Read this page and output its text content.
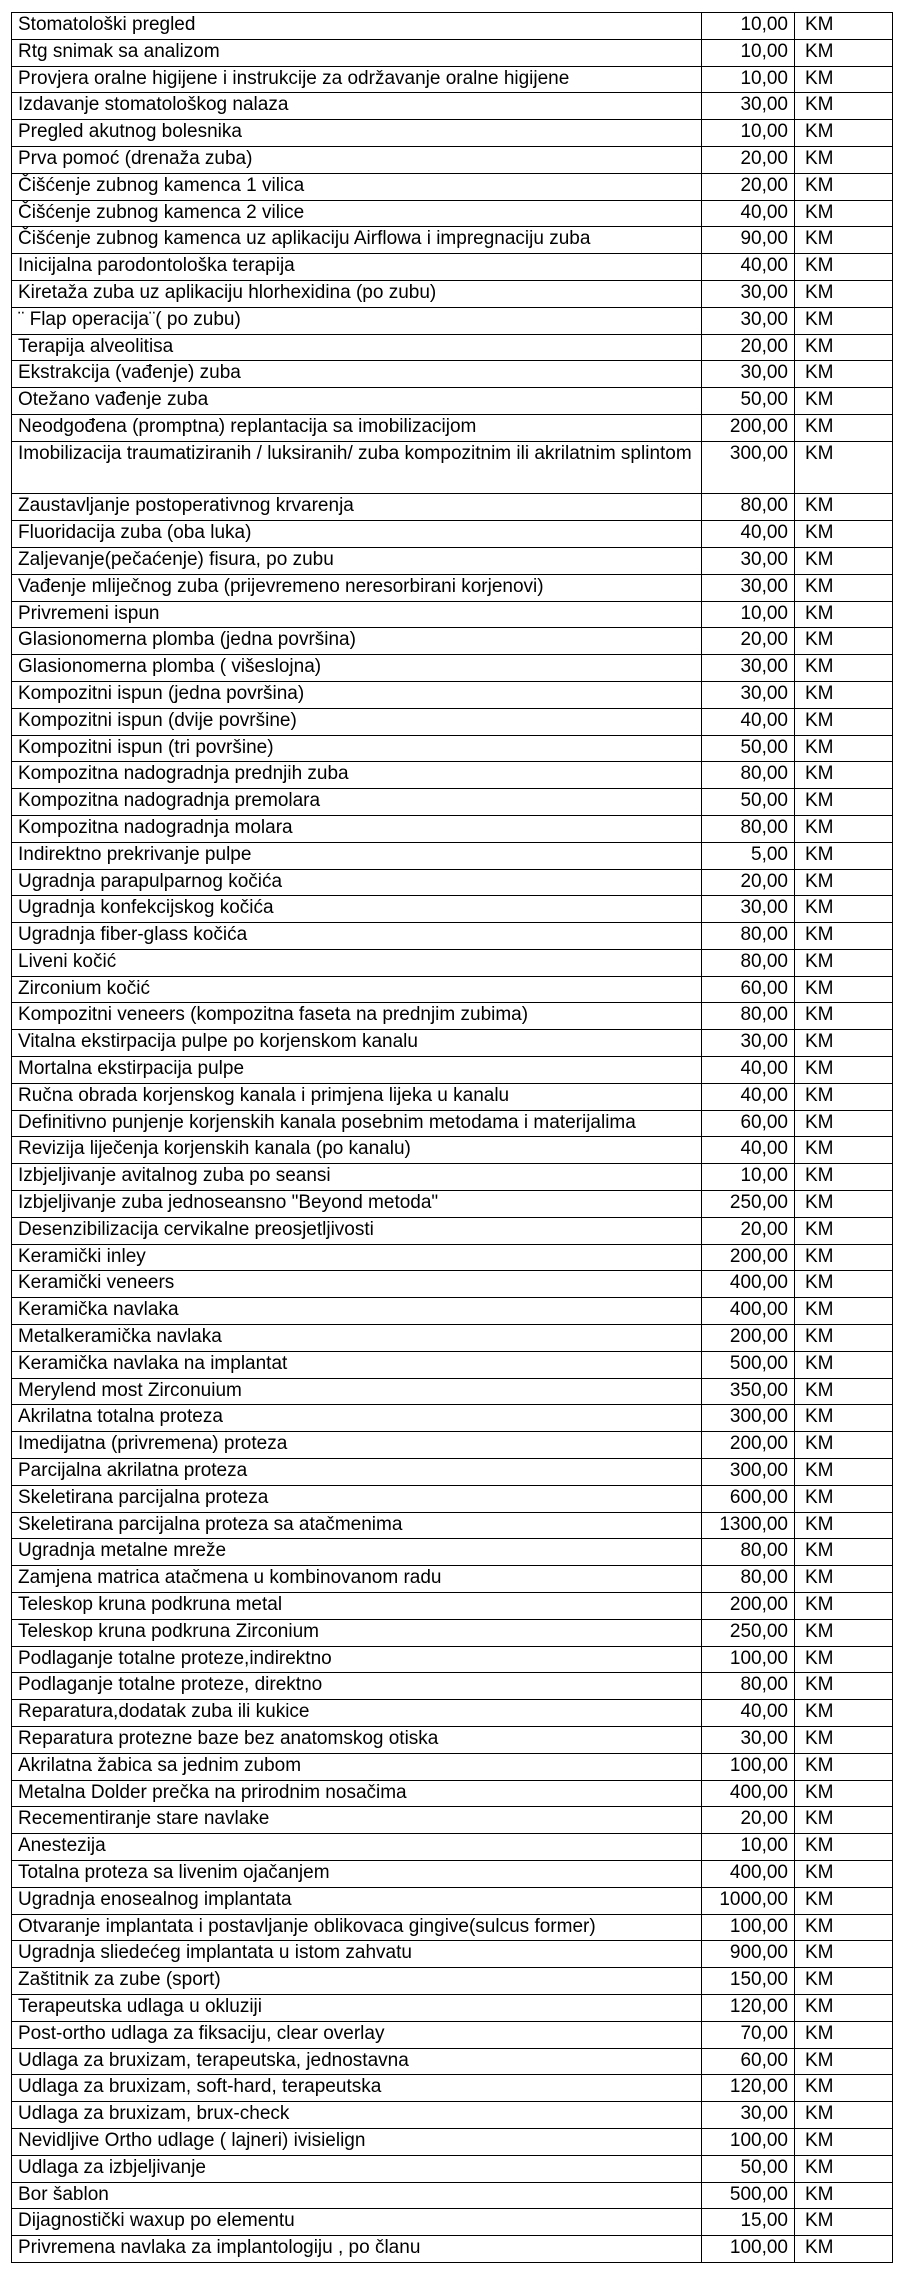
Stomatološki pregled	10,00	KM
Rtg snimak sa analizom	10,00	KM
Provjera oralne higijene i instrukcije za održavanje oralne higijene	10,00	KM
Izdavanje stomatološkog nalaza	30,00	KM
Pregled akutnog bolesnika	10,00	KM
Prva pomoć (drenaža zuba)	20,00	KM
Čišćenje zubnog kamenca 1 vilica	20,00	KM
Čišćenje zubnog kamenca 2 vilice	40,00	KM
Čišćenje zubnog kamenca uz aplikaciju Airflowa i impregnaciju zuba	90,00	KM
Inicijalna parodontološka terapija	40,00	KM
Kiretaža zuba uz aplikaciju hlorhexidina (po zubu)	30,00	KM
¨ Flap operacija¨( po zubu)	30,00	KM
Terapija alveolitisa	20,00	KM
Ekstrakcija (vađenje) zuba	30,00	KM
Otežano vađenje zuba	50,00	KM
Neodgođena (promptna) replantacija sa imobilizacijom	200,00	KM
Imobilizacija traumatiziranih / luksiranih/ zuba kompozitnim ili akrilatnim splintom	300,00	KM
Zaustavljanje postoperativnog krvarenja	80,00	KM
Fluoridacija zuba (oba luka)	40,00	KM
Zaljevanje(pečaćenje) fisura, po zubu	30,00	KM
Vađenje mliječnog zuba (prijevremeno neresorbirani korjenovi)	30,00	KM
Privremeni ispun	10,00	KM
Glasionomerna plomba (jedna površina)	20,00	KM
Glasionomerna plomba ( višeslojna)	30,00	KM
Kompozitni ispun (jedna površina)	30,00	KM
Kompozitni ispun (dvije površine)	40,00	KM
Kompozitni ispun (tri površine)	50,00	KM
Kompozitna nadogradnja prednjih zuba	80,00	KM
Kompozitna nadogradnja premolara	50,00	KM
Kompozitna nadogradnja molara	80,00	KM
Indirektno prekrivanje pulpe	5,00	KM
Ugradnja parapulparnog kočića	20,00	KM
Ugradnja konfekcijskog kočića	30,00	KM
Ugradnja fiber-glass kočića	80,00	KM
Liveni kočić	80,00	KM
Zirconium kočić	60,00	KM
Kompozitni veneers (kompozitna faseta na prednjim zubima)	80,00	KM
Vitalna ekstirpacija pulpe po korjenskom kanalu	30,00	KM
Mortalna ekstirpacija pulpe	40,00	KM
Ručna obrada korjenskog kanala i primjena lijeka u kanalu	40,00	KM
Definitivno punjenje korjenskih kanala posebnim metodama i materijalima	60,00	KM
Revizija liječenja korjenskih kanala (po kanalu)	40,00	KM
Izbjeljivanje avitalnog zuba po seansi	10,00	KM
Izbjeljivanje zuba jednoseansno "Beyond metoda"	250,00	KM
Desenzibilizacija cervikalne preosjetljivosti	20,00	KM
Keramički inley	200,00	KM
Keramički veneers	400,00	KM
Keramička navlaka	400,00	KM
Metalkeramička navlaka	200,00	KM
Keramička navlaka na implantat	500,00	KM
Merylend most Zirconuium	350,00	KM
Akrilatna totalna proteza	300,00	KM
Imedijatna (privremena) proteza	200,00	KM
Parcijalna akrilatna proteza	300,00	KM
Skeletirana parcijalna proteza	600,00	KM
Skeletirana parcijalna proteza sa atačmenima	1300,00	KM
Ugradnja metalne mreže	80,00	KM
Zamjena matrica atačmena u kombinovanom radu	80,00	KM
Teleskop kruna podkruna metal	200,00	KM
Teleskop kruna podkruna Zirconium	250,00	KM
Podlaganje totalne proteze,indirektno	100,00	KM
Podlaganje totalne proteze, direktno	80,00	KM
Reparatura,dodatak zuba ili kukice	40,00	KM
Reparatura protezne baze bez anatomskog otiska	30,00	KM
Akrilatna žabica sa jednim zubom	100,00	KM
Metalna Dolder prečka na prirodnim nosačima	400,00	KM
Recementiranje stare navlake	20,00	KM
Anestezija	10,00	KM
Totalna proteza sa livenim ojačanjem	400,00	KM
Ugradnja enosealnog implantata	1000,00	KM
Otvaranje implantata i postavljanje oblikovaca gingive(sulcus former)	100,00	KM
Ugradnja sliedećeg implantata u istom zahvatu	900,00	KM
Zaštitnik za zube (sport)	150,00	KM
Terapeutska udlaga u okluziji	120,00	KM
Post-ortho udlaga za fiksaciju, clear overlay	70,00	KM
Udlaga za bruxizam, terapeutska, jednostavna	60,00	KM
Udlaga za bruxizam, soft-hard, terapeutska	120,00	KM
Udlaga za bruxizam, brux-check	30,00	KM
Nevidljive Ortho udlage ( lajneri) ivisielign	100,00	KM
Udlaga za izbjeljivanje	50,00	KM
Bor šablon	500,00	KM
Dijagnostički waxup po elementu	15,00	KM
Privremena navlaka za implantologiju , po članu	100,00	KM
